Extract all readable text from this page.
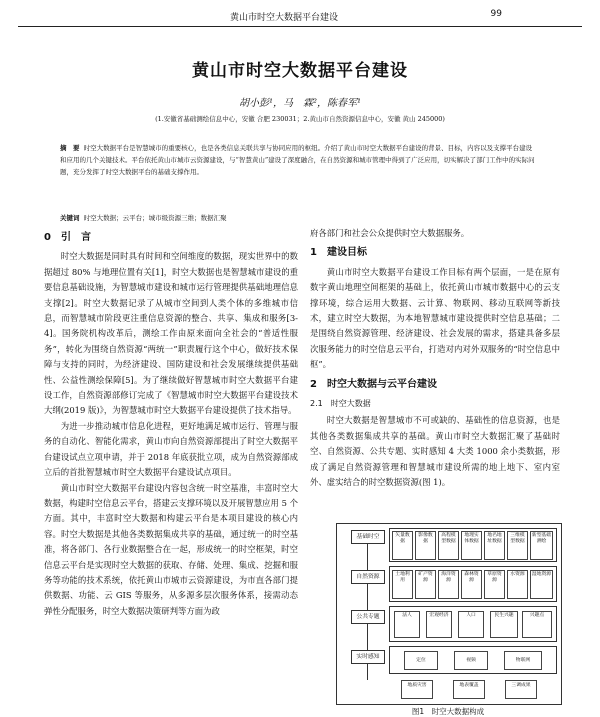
黄山市时空大数据平台建设	99
黄山市时空大数据平台建设
胡小彭¹，马　霖²，陈春军¹
(1.安徽省基础测绘信息中心，安徽 合肥 230031；2.黄山市自然资源信息中心，安徽 黄山 245000)
摘　要 时空大数据平台是智慧城市的重要核心，也是各类信息关联共享与协同应用的枢纽。介绍了黄山市时空大数据平台建设的背景、目标，内容以及支撑平台建设和应用的几个关键技术。平台依托黄山市城市云资源建设，与“智慧黄山”建设了深度融合，在自然资源和城市管理中得到了广泛应用，切实解决了部门工作中的实际问题，充分发挥了时空大数据平台的基础支撑作用。
关键词 时空大数据；云平台；城市级资源三维；数据汇聚
0　引　言

时空大数据是同时具有时间和空间维度的数据，现实世界中的数据超过 80% 与地理位置有关[1]，时空大数据也是智慧城市建设的重要信息基础设施，为智慧城市建设和城市运行管理提供基础地理信息支撑[2]。时空大数据记录了从城市空间到人类个体的多维城市信息，而智慧城市阶段更注重信息资源的整合、共享、集成和服务[3-4]。国务院机构改革后，测绘工作由原来面向全社会的“普适性服务”，转化为围绕自然资源“两统一”职责履行这个中心，做好技术保障与支持的同时，为经济建设、国防建设和社会发展继续提供基础性、公益性测绘保障[5]。为了继续做好智慧城市时空大数据平台建设工作，自然资源部修订完成了《智慧城市时空大数据平台建设技术大纲(2019 版)》，为智慧城市时空大数据平台建设提供了技术指导。

为进一步推动城市信息化进程，更好地满足城市运行、管理与服务的自动化、智能化需求，黄山市向自然资源部提出了时空大数据平台建设试点立项申请，并于 2018 年底获批立项，成为自然资源部成立后的首批智慧城市时空大数据平台建设试点项目。

黄山市时空大数据平台建设内容包含统一时空基准，丰富时空大数据，构建时空信息云平台，搭建云支撑环境以及开展智慧应用 5 个方面。其中，丰富时空大数据和构建云平台是本项目建设的核心内容。时空大数据是其他各类数据集成共享的基础，通过统一的时空基准，将各部门、各行业数据整合在一起，形成统一的时空框架，时空信息云平台是实现时空大数据的获取、存储、处理、集成、挖掘和服务等功能的技术系统，依托黄山市城市云资源建设，为市直各部门提供数据、功能、云 GIS 等服务，从多源多层次服务体系，接需动态弹性分配服务，时空大数据决策研判等方面为政

府各部门和社会公众提供时空大数据服务。

1　建设目标

黄山市时空大数据平台建设工作目标有两个层面，一是在原有数字黄山地理空间框架的基础上，依托黄山市城市数据中心的云支撑环境，综合运用大数据、云计算、物联网、移动互联网等新技术，建立时空大数据，为本地智慧城市建设提供时空信息基础；二是围绕自然资源管理、经济建设、社会发展的需求，搭建具备多层次服务能力的时空信息云平台，打造对内对外双服务的“时空信息中枢”。

2　时空大数据与云平台建设
2.1　时空大数据

时空大数据是智慧城市不可或缺的、基础性的信息资源，也是其他各类数据集成共享的基础。黄山市时空大数据汇聚了基础时空、自然资源、公共专题、实时感知 4 大类 1000 余小类数据，形成了满足自然资源管理和智慧城市建设所需的地上地下、室内室外、虚实结合的时空数据资源(图 1)。

基础时空
自然资源
公共专题
实时感知
矢量数据
影像数据
高程模型数据
地理实体数据
地名地址数据
三维模型数据
新型基础测绘
土地利用
矿产资源
海洋资源
森林资源
草原资源
水资源	湿地资源
法人	宏观经济	人口	民生兴趣	兴趣点
定位	视频	物联网
地质灾害	地表覆盖	三调成果
图1　时空大数据构成
